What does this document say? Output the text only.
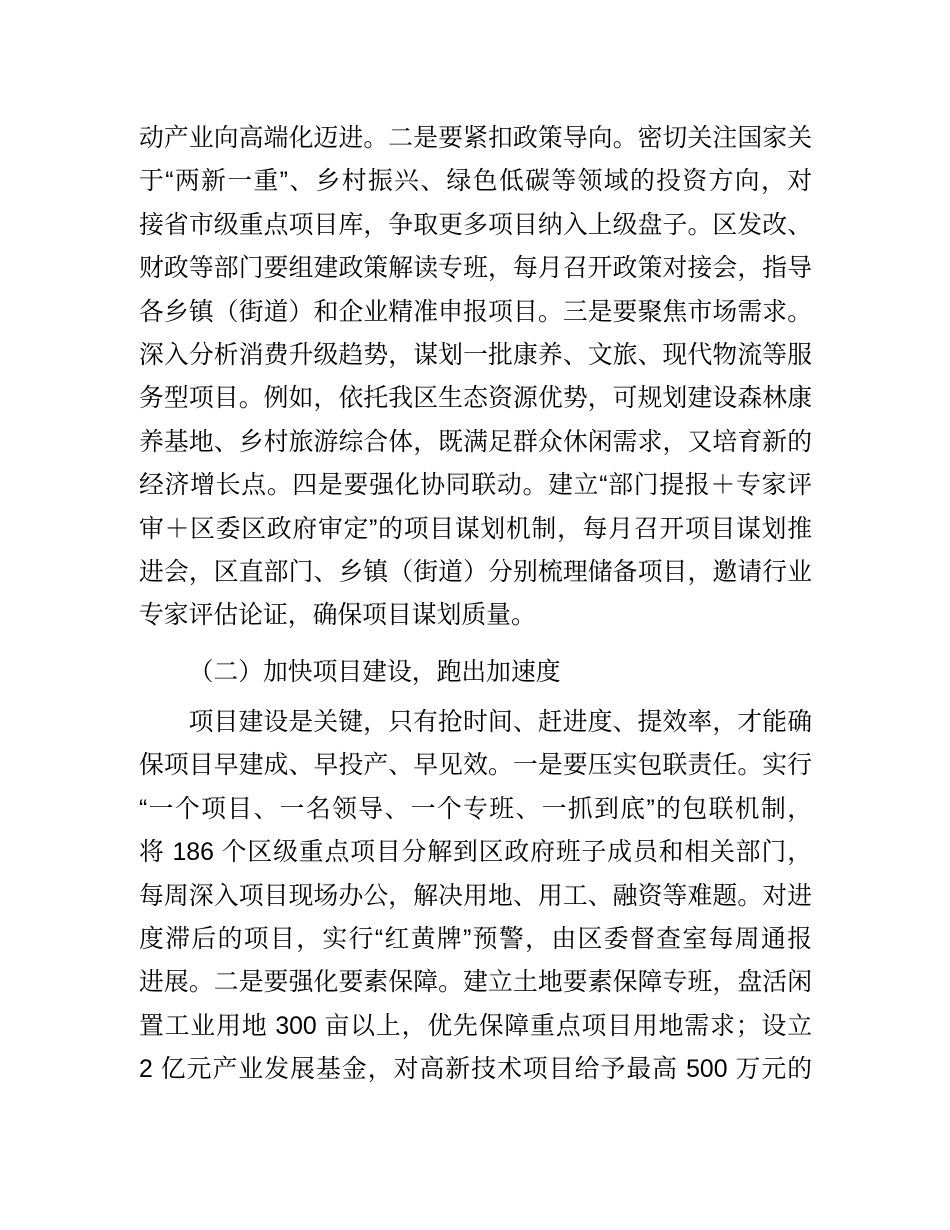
动产业向高端化迈进。二是要紧扣政策导向。密切关注国家关
于“两新一重”、乡村振兴、绿色低碳等领域的投资方向，对
接省市级重点项目库，争取更多项目纳入上级盘子。区发改、
财政等部门要组建政策解读专班，每月召开政策对接会，指导
各乡镇（街道）和企业精准申报项目。三是要聚焦市场需求。
深入分析消费升级趋势，谋划一批康养、文旅、现代物流等服
务型项目。例如，依托我区生态资源优势，可规划建设森林康
养基地、乡村旅游综合体，既满足群众休闲需求，又培育新的
经济增长点。四是要强化协同联动。建立“部门提报＋专家评
审＋区委区政府审定”的项目谋划机制，每月召开项目谋划推
进会，区直部门、乡镇（街道）分别梳理储备项目，邀请行业
专家评估论证，确保项目谋划质量。
（二）加快项目建设，跑出加速度
项目建设是关键，只有抢时间、赶进度、提效率，才能确
保项目早建成、早投产、早见效。一是要压实包联责任。实行
“一个项目、一名领导、一个专班、一抓到底”的包联机制，
将 186 个区级重点项目分解到区政府班子成员和相关部门，
每周深入项目现场办公，解决用地、用工、融资等难题。对进
度滞后的项目，实行“红黄牌”预警，由区委督查室每周通报
进展。二是要强化要素保障。建立土地要素保障专班，盘活闲
置工业用地 300 亩以上，优先保障重点项目用地需求；设立
2 亿元产业发展基金，对高新技术项目给予最高 500 万元的
